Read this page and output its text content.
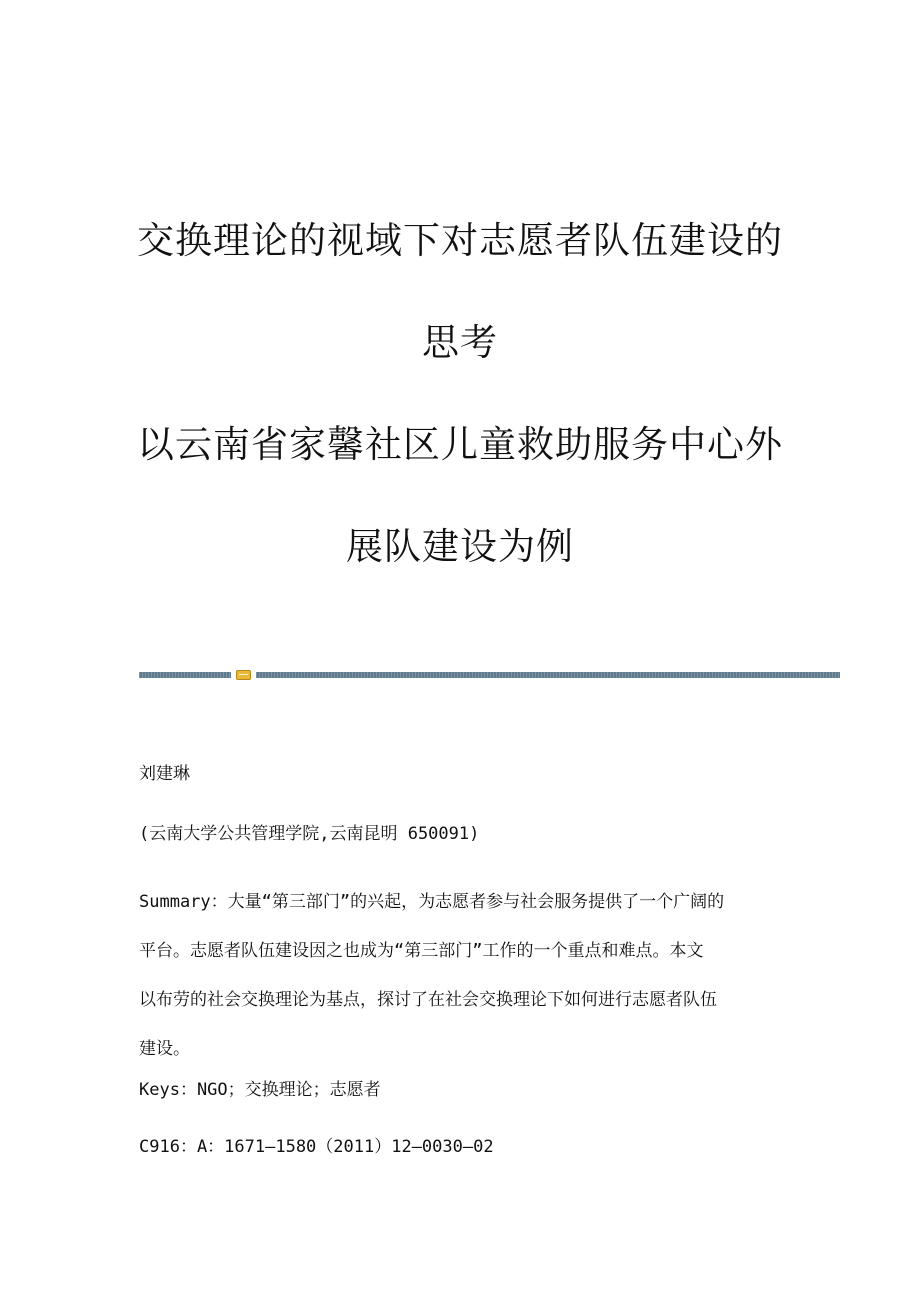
交换理论的视域下对志愿者队伍建设的
思考
以云南省家馨社区儿童救助服务中心外
展队建设为例
刘建琳
(云南大学公共管理学院,云南昆明 650091)
Summary：大量“第三部门”的兴起，为志愿者参与社会服务提供了一个广阔的
平台。志愿者队伍建设因之也成为“第三部门”工作的一个重点和难点。本文
以布劳的社会交换理论为基点，探讨了在社会交换理论下如何进行志愿者队伍
建设。
Keys：NGO；交换理论；志愿者
C916：A：1671—1580（2011）12—0030—02
